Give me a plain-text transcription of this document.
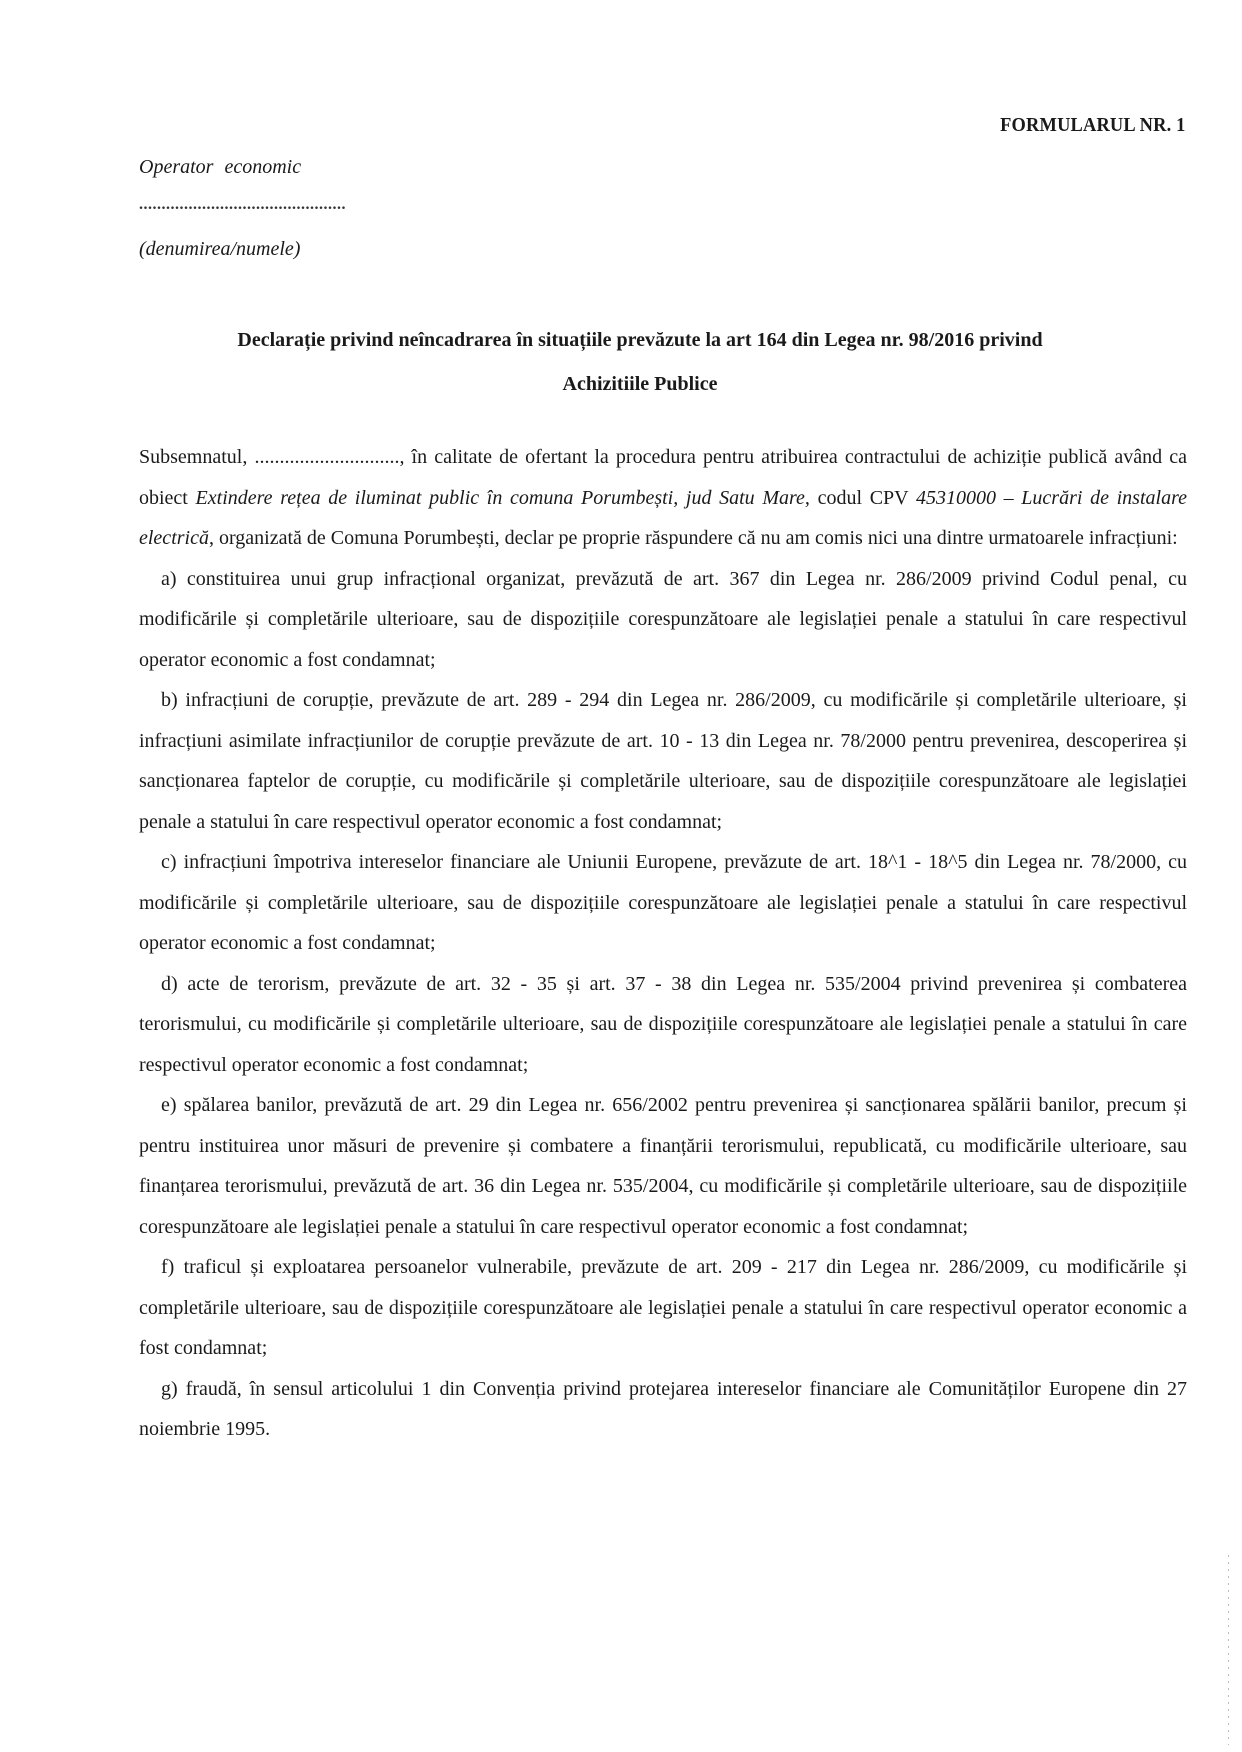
FORMULARUL NR. 1
Operator economic
..............................................
(denumirea/numele)
Declarație privind neîncadrarea în situațiile prevăzute la art 164 din Legea nr. 98/2016 privind
Achizitiile Publice

Subsemnatul, ............................., în calitate de ofertant la procedura pentru atribuirea contractului de achiziție publică având ca obiect Extindere rețea de iluminat public în comuna Porumbești, jud Satu Mare, codul CPV 45310000 – Lucrări de instalare electrică, organizată de Comuna Porumbești, declar pe proprie răspundere că nu am comis nici una dintre urmatoarele infracțiuni:

a) constituirea unui grup infracțional organizat, prevăzută de art. 367 din Legea nr. 286/2009 privind Codul penal, cu modificările și completările ulterioare, sau de dispozițiile corespunzătoare ale legislației penale a statului în care respectivul operator economic a fost condamnat;

b) infracțiuni de corupție, prevăzute de art. 289 - 294 din Legea nr. 286/2009, cu modificările și completările ulterioare, și infracțiuni asimilate infracțiunilor de corupție prevăzute de art. 10 - 13 din Legea nr. 78/2000 pentru prevenirea, descoperirea și sancționarea faptelor de corupție, cu modificările și completările ulterioare, sau de dispozițiile corespunzătoare ale legislației penale a statului în care respectivul operator economic a fost condamnat;

c) infracțiuni împotriva intereselor financiare ale Uniunii Europene, prevăzute de art. 18^1 - 18^5 din Legea nr. 78/2000, cu modificările și completările ulterioare, sau de dispozițiile corespunzătoare ale legislației penale a statului în care respectivul operator economic a fost condamnat;

d) acte de terorism, prevăzute de art. 32 - 35 și art. 37 - 38 din Legea nr. 535/2004 privind prevenirea și combaterea terorismului, cu modificările și completările ulterioare, sau de dispozițiile corespunzătoare ale legislației penale a statului în care respectivul operator economic a fost condamnat;

e) spălarea banilor, prevăzută de art. 29 din Legea nr. 656/2002 pentru prevenirea și sancționarea spălării banilor, precum și pentru instituirea unor măsuri de prevenire și combatere a finanțării terorismului, republicată, cu modificările ulterioare, sau finanțarea terorismului, prevăzută de art. 36 din Legea nr. 535/2004, cu modificările și completările ulterioare, sau de dispozițiile corespunzătoare ale legislației penale a statului în care respectivul operator economic a fost condamnat;

f) traficul și exploatarea persoanelor vulnerabile, prevăzute de art. 209 - 217 din Legea nr. 286/2009, cu modificările și completările ulterioare, sau de dispozițiile corespunzătoare ale legislației penale a statului în care respectivul operator economic a fost condamnat;

g) fraudă, în sensul articolului 1 din Convenția privind protejarea intereselor financiare ale Comunităților Europene din 27 noiembrie 1995.
